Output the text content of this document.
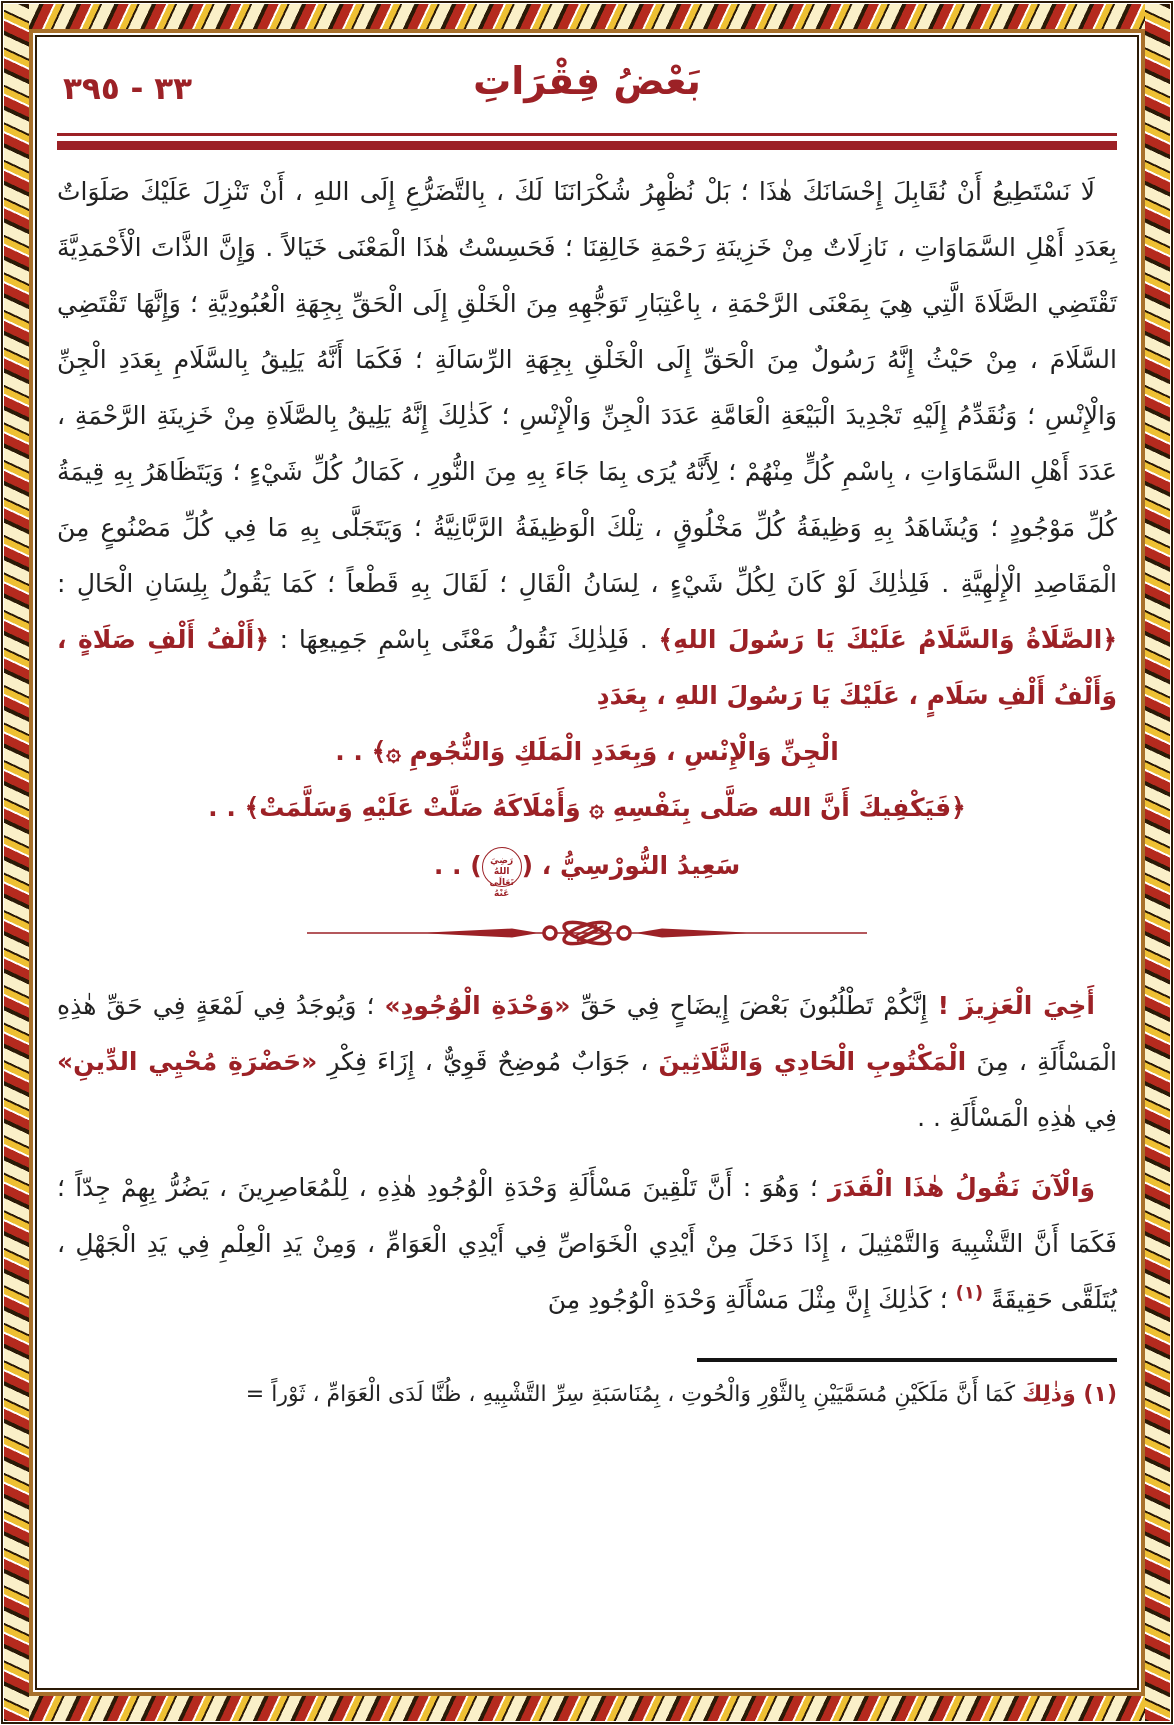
٣٣ - ٣٩٥	بَعْضُ فِقْرَاتِ

لَا نَسْتَطِيعُ أَنْ نُقَابِلَ إِحْسَانَكَ هٰذَا ؛ بَلْ نُظْهِرُ شُكْرَانَنَا لَكَ ، بِالتَّضَرُّعِ إِلَى اللهِ ، أَنْ تَنْزِلَ عَلَيْكَ صَلَوَاتٌ بِعَدَدِ أَهْلِ السَّمَاوَاتِ ، نَازِلَاتٌ مِنْ خَزِينَةِ رَحْمَةِ خَالِقِنَا ؛ فَحَسِسْتُ هٰذَا الْمَعْنَى خَيَالاً . وَإِنَّ الذَّاتَ الْأَحْمَدِيَّةَ تَقْتَضِي الصَّلَاةَ الَّتِي هِيَ بِمَعْنَى الرَّحْمَةِ ، بِاعْتِبَارِ تَوَجُّهِهِ مِنَ الْخَلْقِ إِلَى الْحَقِّ بِجِهَةِ الْعُبُودِيَّةِ ؛ وَإِنَّهَا تَقْتَضِي السَّلَامَ ، مِنْ حَيْثُ إِنَّهُ رَسُولٌ مِنَ الْحَقِّ إِلَى الْخَلْقِ بِجِهَةِ الرِّسَالَةِ ؛ فَكَمَا أَنَّهُ يَلِيقُ بِالسَّلَامِ بِعَدَدِ الْجِنِّ وَالْإِنْسِ ؛ وَنُقَدِّمُ إِلَيْهِ تَجْدِيدَ الْبَيْعَةِ الْعَامَّةِ عَدَدَ الْجِنِّ وَالْإِنْسِ ؛ كَذٰلِكَ إِنَّهُ يَلِيقُ بِالصَّلَاةِ مِنْ خَزِينَةِ الرَّحْمَةِ ، عَدَدَ أَهْلِ السَّمَاوَاتِ ، بِاسْمِ كُلٍّ مِنْهُمْ ؛ لِأَنَّهُ يُرَى بِمَا جَاءَ بِهِ مِنَ النُّورِ ، كَمَالُ كُلِّ شَيْءٍ ؛ وَيَتَظَاهَرُ بِهِ قِيمَةُ كُلِّ مَوْجُودٍ ؛ وَيُشَاهَدُ بِهِ وَظِيفَةُ كُلِّ مَخْلُوقٍ ، تِلْكَ الْوَظِيفَةُ الرَّبَّانِيَّةُ ؛ وَيَتَجَلَّى بِهِ مَا فِي كُلِّ مَصْنُوعٍ مِنَ الْمَقَاصِدِ الْإِلٰهِيَّةِ . فَلِذٰلِكَ لَوْ كَانَ لِكُلِّ شَيْءٍ ، لِسَانُ الْقَالِ ؛ لَقَالَ بِهِ قَطْعاً ؛ كَمَا يَقُولُ بِلِسَانِ الْحَالِ : ﴿الصَّلَاةُ وَالسَّلَامُ عَلَيْكَ يَا رَسُولَ اللهِ﴾ . فَلِذٰلِكَ نَقُولُ مَعْنًى بِاسْمِ جَمِيعِهَا : ﴿أَلْفُ أَلْفِ صَلَاةٍ ، وَأَلْفُ أَلْفِ سَلَامٍ ، عَلَيْكَ يَا رَسُولَ اللهِ ، بِعَدَدِ

الْجِنِّ وَالْإِنْسِ ، وَبِعَدَدِ الْمَلَكِ وَالنُّجُومِ ۞﴾ . .

﴿فَيَكْفِيكَ أَنَّ الله صَلَّى بِنَفْسِهِ ۞ وَأَمْلَاكَهُ صَلَّتْ عَلَيْهِ وَسَلَّمَتْ﴾ . .

سَعِيدُ النُّورْسِيُّ ، (رَضِيَ اللهُ تَعَالَى عَنْهُ) . .

أَخِيَ الْعَزِيزَ ! إِنَّكُمْ تَطْلُبُونَ بَعْضَ إِيضَاحٍ فِي حَقِّ «وَحْدَةِ الْوُجُودِ» ؛ وَيُوجَدُ فِي لَمْعَةٍ فِي حَقِّ هٰذِهِ الْمَسْأَلَةِ ، مِنَ الْمَكْتُوبِ الْحَادِي وَالثَّلَاثِينَ ، جَوَابٌ مُوضِحٌ قَوِيٌّ ، إِزَاءَ فِكْرِ «حَضْرَةِ مُحْيِي الدِّينِ» فِي هٰذِهِ الْمَسْأَلَةِ . .

وَالْآنَ نَقُولُ هٰذَا الْقَدَرَ ؛ وَهُوَ : أَنَّ تَلْقِينَ مَسْأَلَةِ وَحْدَةِ الْوُجُودِ هٰذِهِ ، لِلْمُعَاصِرِينَ ، يَضُرُّ بِهِمْ جِدّاً ؛ فَكَمَا أَنَّ التَّشْبِيهَ وَالتَّمْثِيلَ ، إِذَا دَخَلَ مِنْ أَيْدِي الْخَوَاصِّ فِي أَيْدِي الْعَوَامِّ ، وَمِنْ يَدِ الْعِلْمِ فِي يَدِ الْجَهْلِ ، يُتَلَقَّى حَقِيقَةً $^{(١)}$ ؛ كَذٰلِكَ إِنَّ مِثْلَ مَسْأَلَةِ وَحْدَةِ الْوُجُودِ مِنَ

(١) وَذٰلِكَ كَمَا أَنَّ مَلَكَيْنِ مُسَمَّيَيْنِ بِالثَّوْرِ وَالْحُوتِ ، بِمُنَاسَبَةِ سِرِّ التَّشْبِيهِ ، ظُنَّا لَدَى الْعَوَامِّ ، ثَوْراً =
